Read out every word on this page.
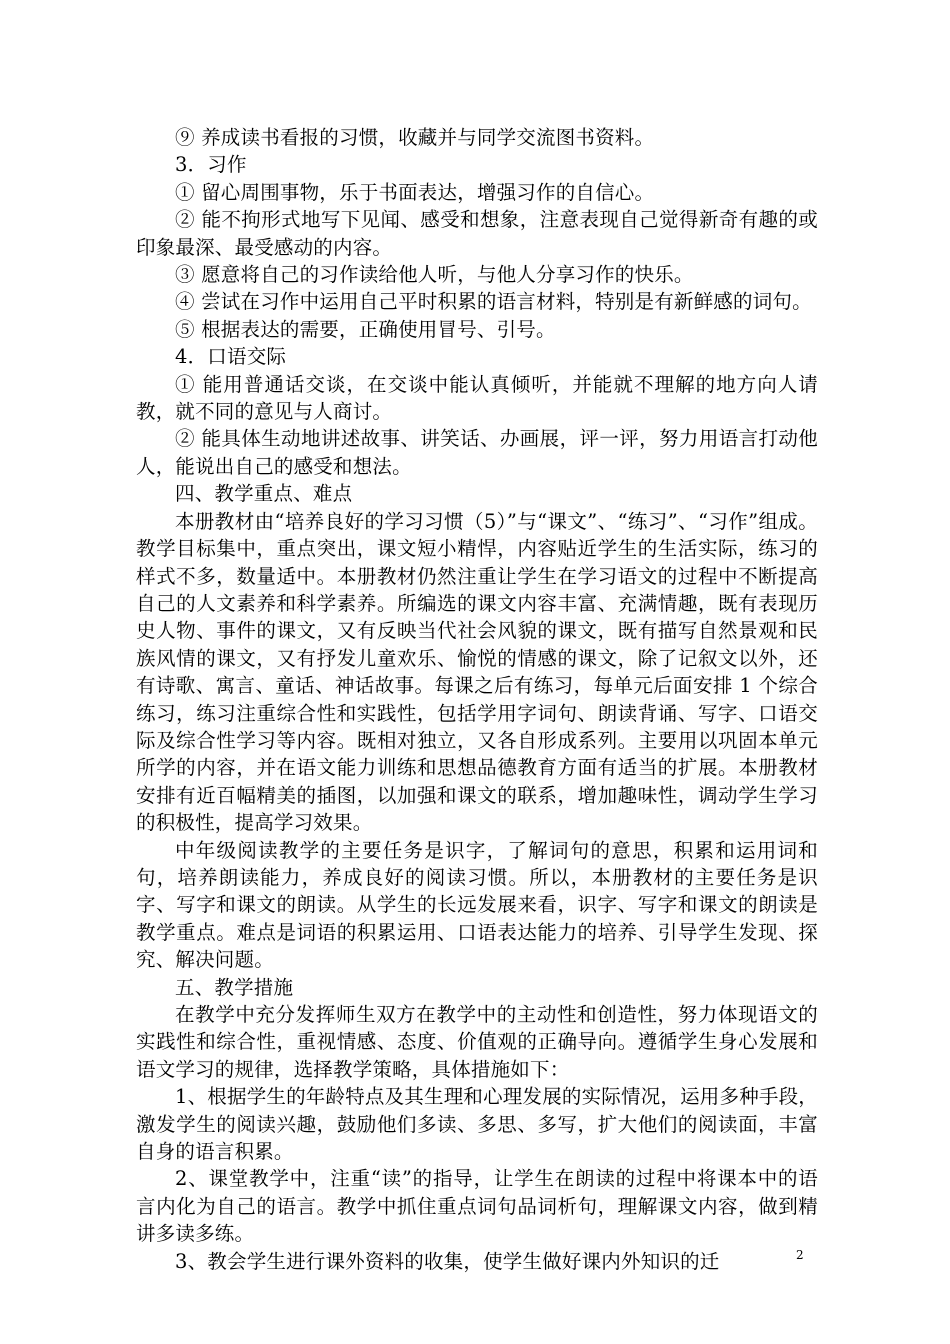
⑨ 养成读书看报的习惯，收藏并与同学交流图书资料。

3．习作

① 留心周围事物，乐于书面表达，增强习作的自信心。

② 能不拘形式地写下见闻、感受和想象，注意表现自己觉得新奇有趣的或印象最深、最受感动的内容。

③ 愿意将自己的习作读给他人听，与他人分享习作的快乐。

④ 尝试在习作中运用自己平时积累的语言材料，特别是有新鲜感的词句。

⑤ 根据表达的需要，正确使用冒号、引号。

4．口语交际

① 能用普通话交谈，在交谈中能认真倾听，并能就不理解的地方向人请教，就不同的意见与人商讨。

② 能具体生动地讲述故事、讲笑话、办画展，评一评，努力用语言打动他人，能说出自己的感受和想法。

四、教学重点、难点

本册教材由“培养良好的学习习惯（5）”与“课文”、“练习”、“习作”组成。教学目标集中，重点突出，课文短小精悍，内容贴近学生的生活实际，练习的样式不多，数量适中。本册教材仍然注重让学生在学习语文的过程中不断提高自己的人文素养和科学素养。所编选的课文内容丰富、充满情趣，既有表现历史人物、事件的课文，又有反映当代社会风貌的课文，既有描写自然景观和民族风情的课文，又有抒发儿童欢乐、愉悦的情感的课文，除了记叙文以外，还有诗歌、寓言、童话、神话故事。每课之后有练习，每单元后面安排 1 个综合练习，练习注重综合性和实践性，包括学用字词句、朗读背诵、写字、口语交际及综合性学习等内容。既相对独立，又各自形成系列。主要用以巩固本单元所学的内容，并在语文能力训练和思想品德教育方面有适当的扩展。本册教材安排有近百幅精美的插图，以加强和课文的联系，增加趣味性，调动学生学习的积极性，提高学习效果。

中年级阅读教学的主要任务是识字，了解词句的意思，积累和运用词和句，培养朗读能力，养成良好的阅读习惯。所以，本册教材的主要任务是识字、写字和课文的朗读。从学生的长远发展来看，识字、写字和课文的朗读是教学重点。难点是词语的积累运用、口语表达能力的培养、引导学生发现、探究、解决问题。

五、教学措施

在教学中充分发挥师生双方在教学中的主动性和创造性，努力体现语文的实践性和综合性，重视情感、态度、价值观的正确导向。遵循学生身心发展和语文学习的规律，选择教学策略，具体措施如下：

1、根据学生的年龄特点及其生理和心理发展的实际情况，运用多种手段，激发学生的阅读兴趣，鼓励他们多读、多思、多写，扩大他们的阅读面，丰富自身的语言积累。

2、课堂教学中，注重“读”的指导，让学生在朗读的过程中将课本中的语言内化为自己的语言。教学中抓住重点词句品词析句，理解课文内容，做到精讲多读多练。

3、教会学生进行课外资料的收集，使学生做好课内外知识的迁	2
